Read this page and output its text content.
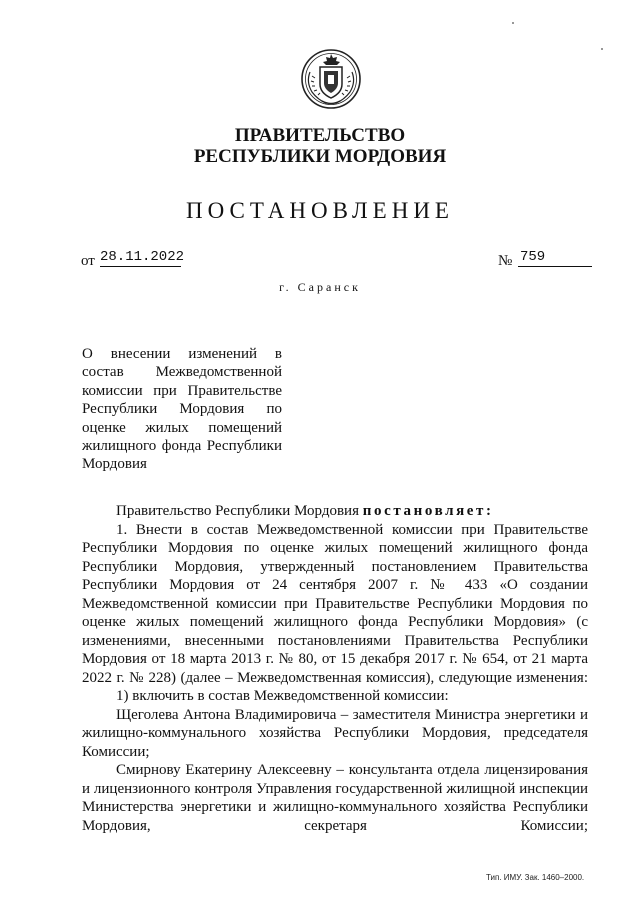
ПРАВИТЕЛЬСТВО
РЕСПУБЛИКИ МОРДОВИЯ
ПОСТАНОВЛЕНИЕ
от 28.11.2022	№ 759
г. Саранск
О внесении изменений в состав Межведомственной комиссии при Правительстве Республики Мордовия по оценке жилых помещений жилищного фонда Республики Мордовия

Правительство Республики Мордовия постановляет:

1. Внести в состав Межведомственной комиссии при Правительстве Республики Мордовия по оценке жилых помещений жилищного фонда Республики Мордовия, утвержденный постановлением Правительства Республики Мордовия от 24 сентября 2007 г. № 433 «О создании Межведомственной комиссии при Правительстве Республики Мордовия по оценке жилых помещений жилищного фонда Республики Мордовия» (с изменениями, внесенными постановлениями Правительства Республики Мордовия от 18 марта 2013 г. № 80, от 15 декабря 2017 г. № 654, от 21 марта 2022 г. № 228) (далее – Межведомственная комиссия), следующие изменения:

1) включить в состав Межведомственной комиссии:

Щеголева Антона Владимировича – заместителя Министра энергетики и жилищно-коммунального хозяйства Республики Мордовия, председателя Комиссии;

Смирнову Екатерину Алексеевну – консультанта отдела лицензирования и лицензионного контроля Управления государственной жилищной инспекции Министерства энергетики и жилищно-коммунального хозяйства Республики Мордовия, секретаря Комиссии;

Тип. ИМУ. Зак. 1460–2000.
